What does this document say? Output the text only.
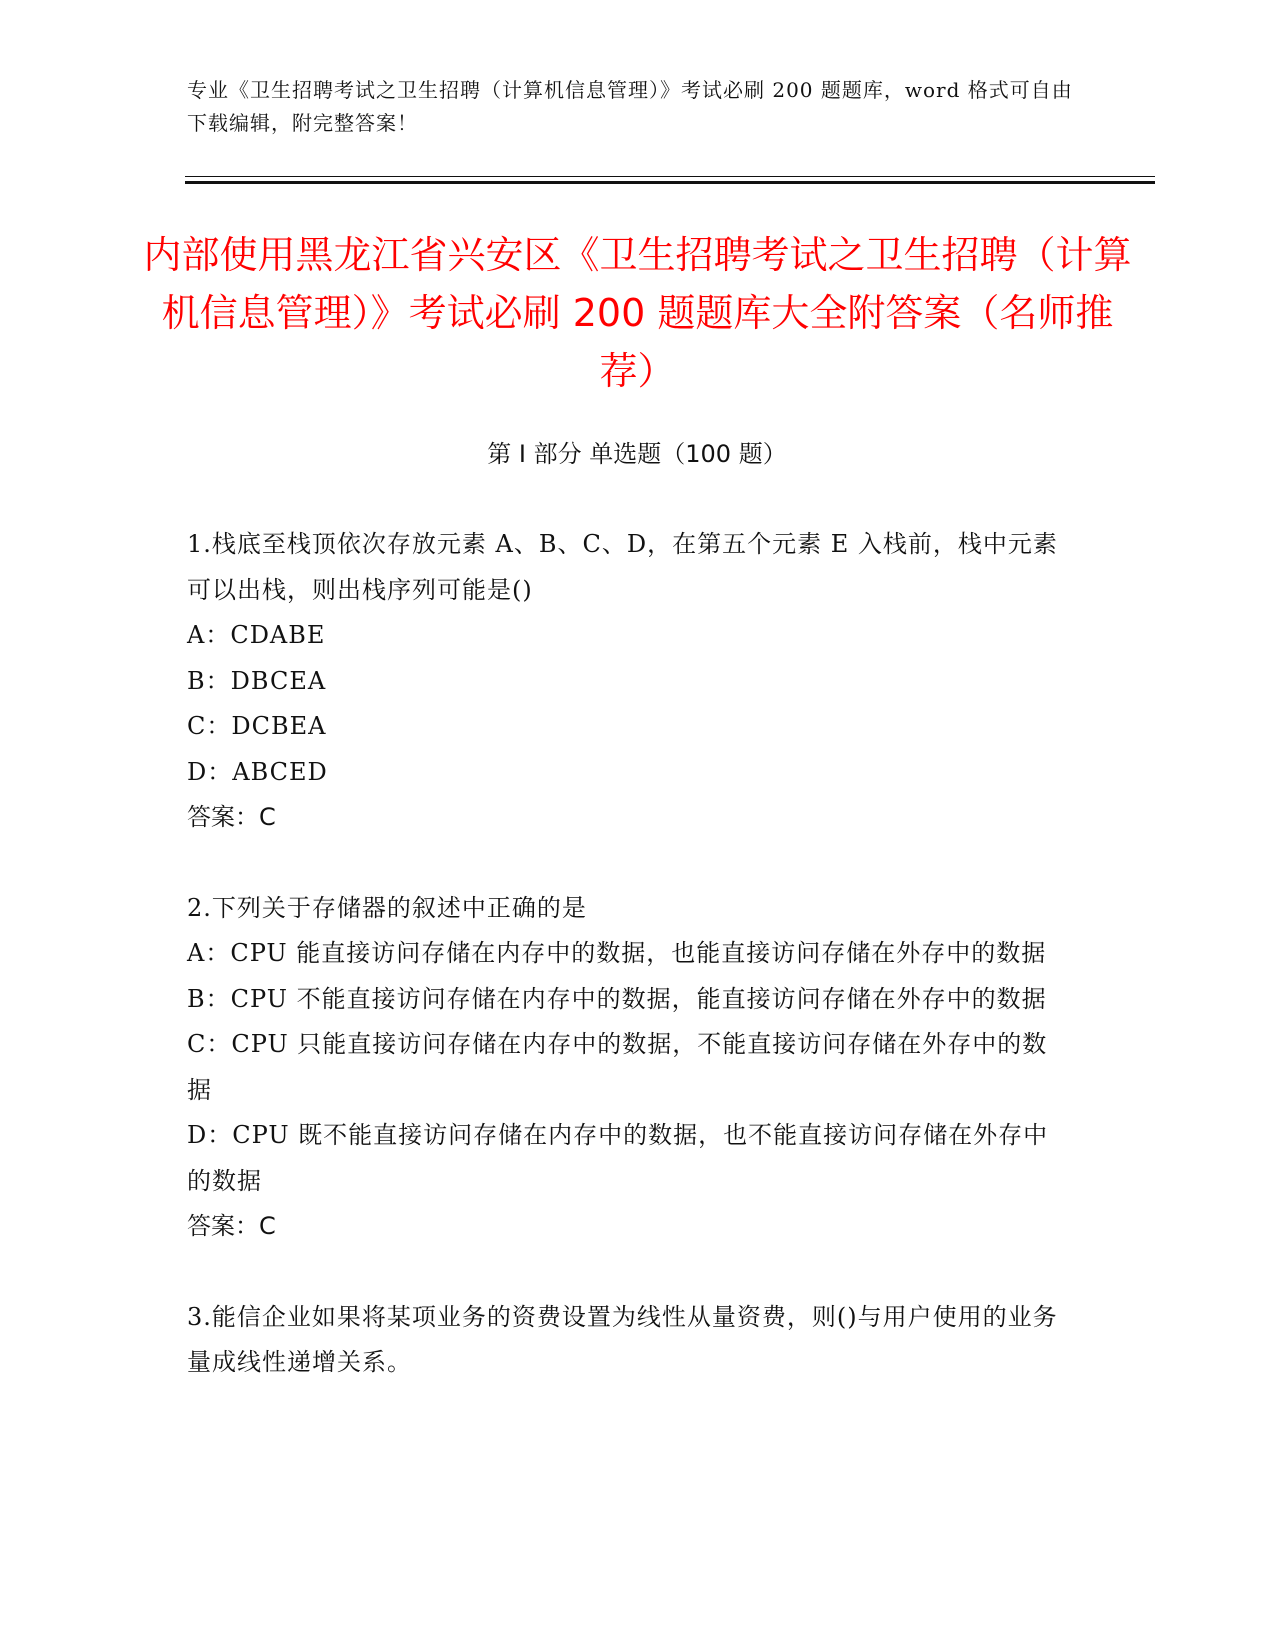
专业《卫生招聘考试之卫生招聘（计算机信息管理）》考试必刷 200 题题库，word 格式可自由下载编辑，附完整答案！
内部使用黑龙江省兴安区《卫生招聘考试之卫生招聘（计算机信息管理）》考试必刷 200 题题库大全附答案（名师推荐）
第 I 部分 单选题（100 题）

1.栈底至栈顶依次存放元素 A、B、C、D，在第五个元素 E 入栈前，栈中元素可以出栈，则出栈序列可能是()

A：CDABE

B：DBCEA

C：DCBEA

D：ABCED

答案：C

2.下列关于存储器的叙述中正确的是

A：CPU 能直接访问存储在内存中的数据，也能直接访问存储在外存中的数据

B：CPU 不能直接访问存储在内存中的数据，能直接访问存储在外存中的数据

C：CPU 只能直接访问存储在内存中的数据，不能直接访问存储在外存中的数据

D：CPU 既不能直接访问存储在内存中的数据，也不能直接访问存储在外存中的数据

答案：C

3.能信企业如果将某项业务的资费设置为线性从量资费，则()与用户使用的业务量成线性递增关系。
